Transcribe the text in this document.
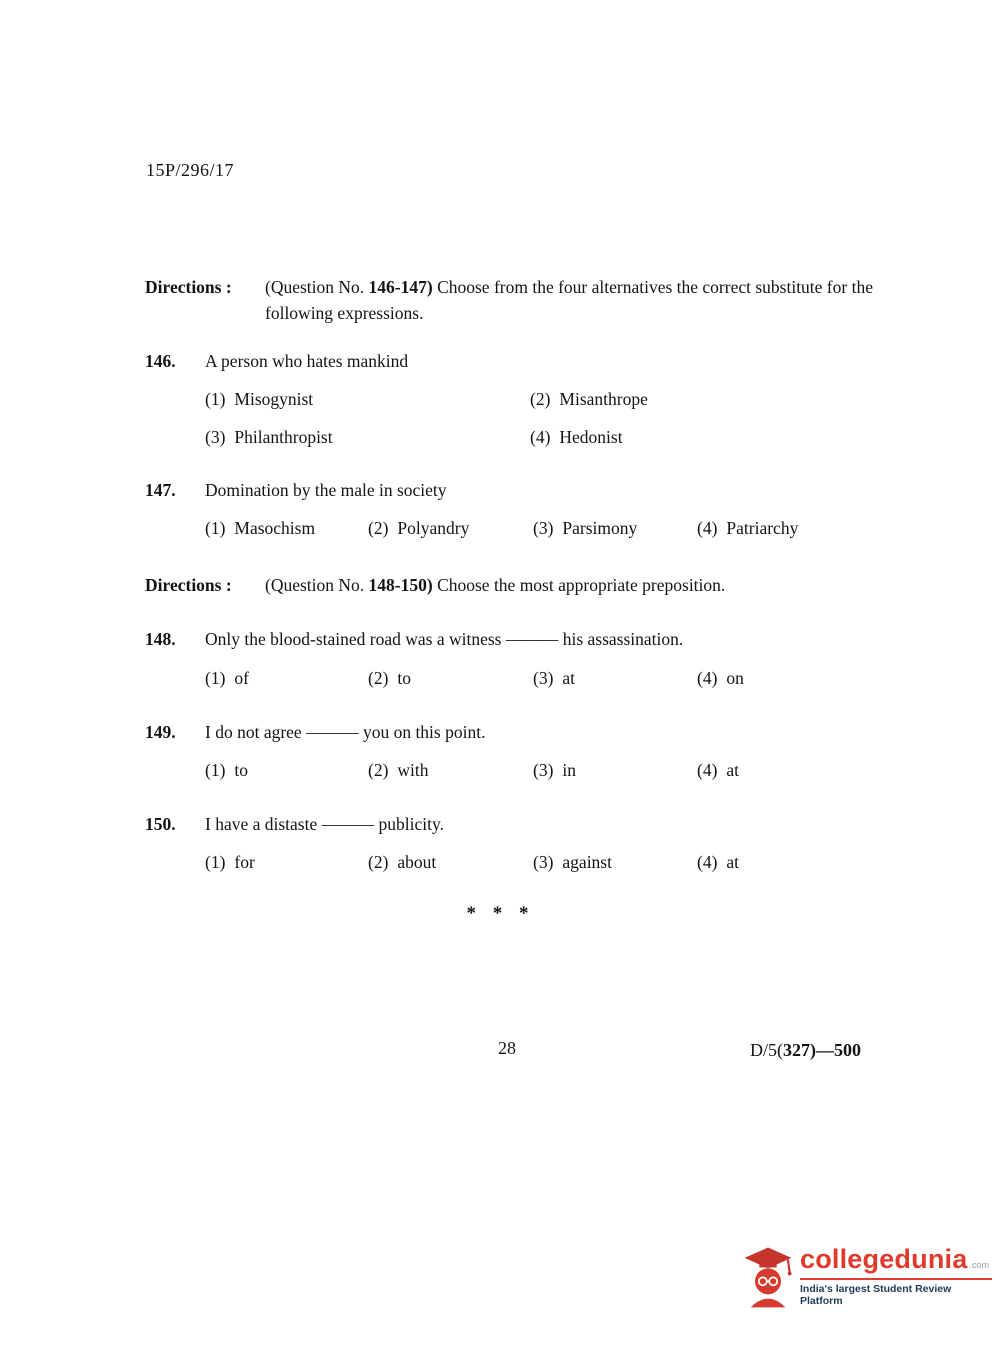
15P/296/17
Directions :	(Question No. 146-147) Choose from the four alternatives the correct substitute for the following expressions.
146. A person who hates mankind
(1) Misogynist	(2) Misanthrope
(3) Philanthropist	(4) Hedonist
147. Domination by the male in society
(1) Masochism	(2) Polyandry	(3) Parsimony	(4) Patriarchy
Directions :	(Question No. 148-150) Choose the most appropriate preposition.
148. Only the blood-stained road was a witness ——— his assassination.
(1) of	(2) to	(3) at	(4) on
149. I do not agree ——— you on this point.
(1) to	(2) with	(3) in	(4) at
150. I have a distaste ——— publicity.
(1) for	(2) about	(3) against	(4) at
* * *
28	D/5(327)—500
collegedunia .com
India's largest Student Review Platform
